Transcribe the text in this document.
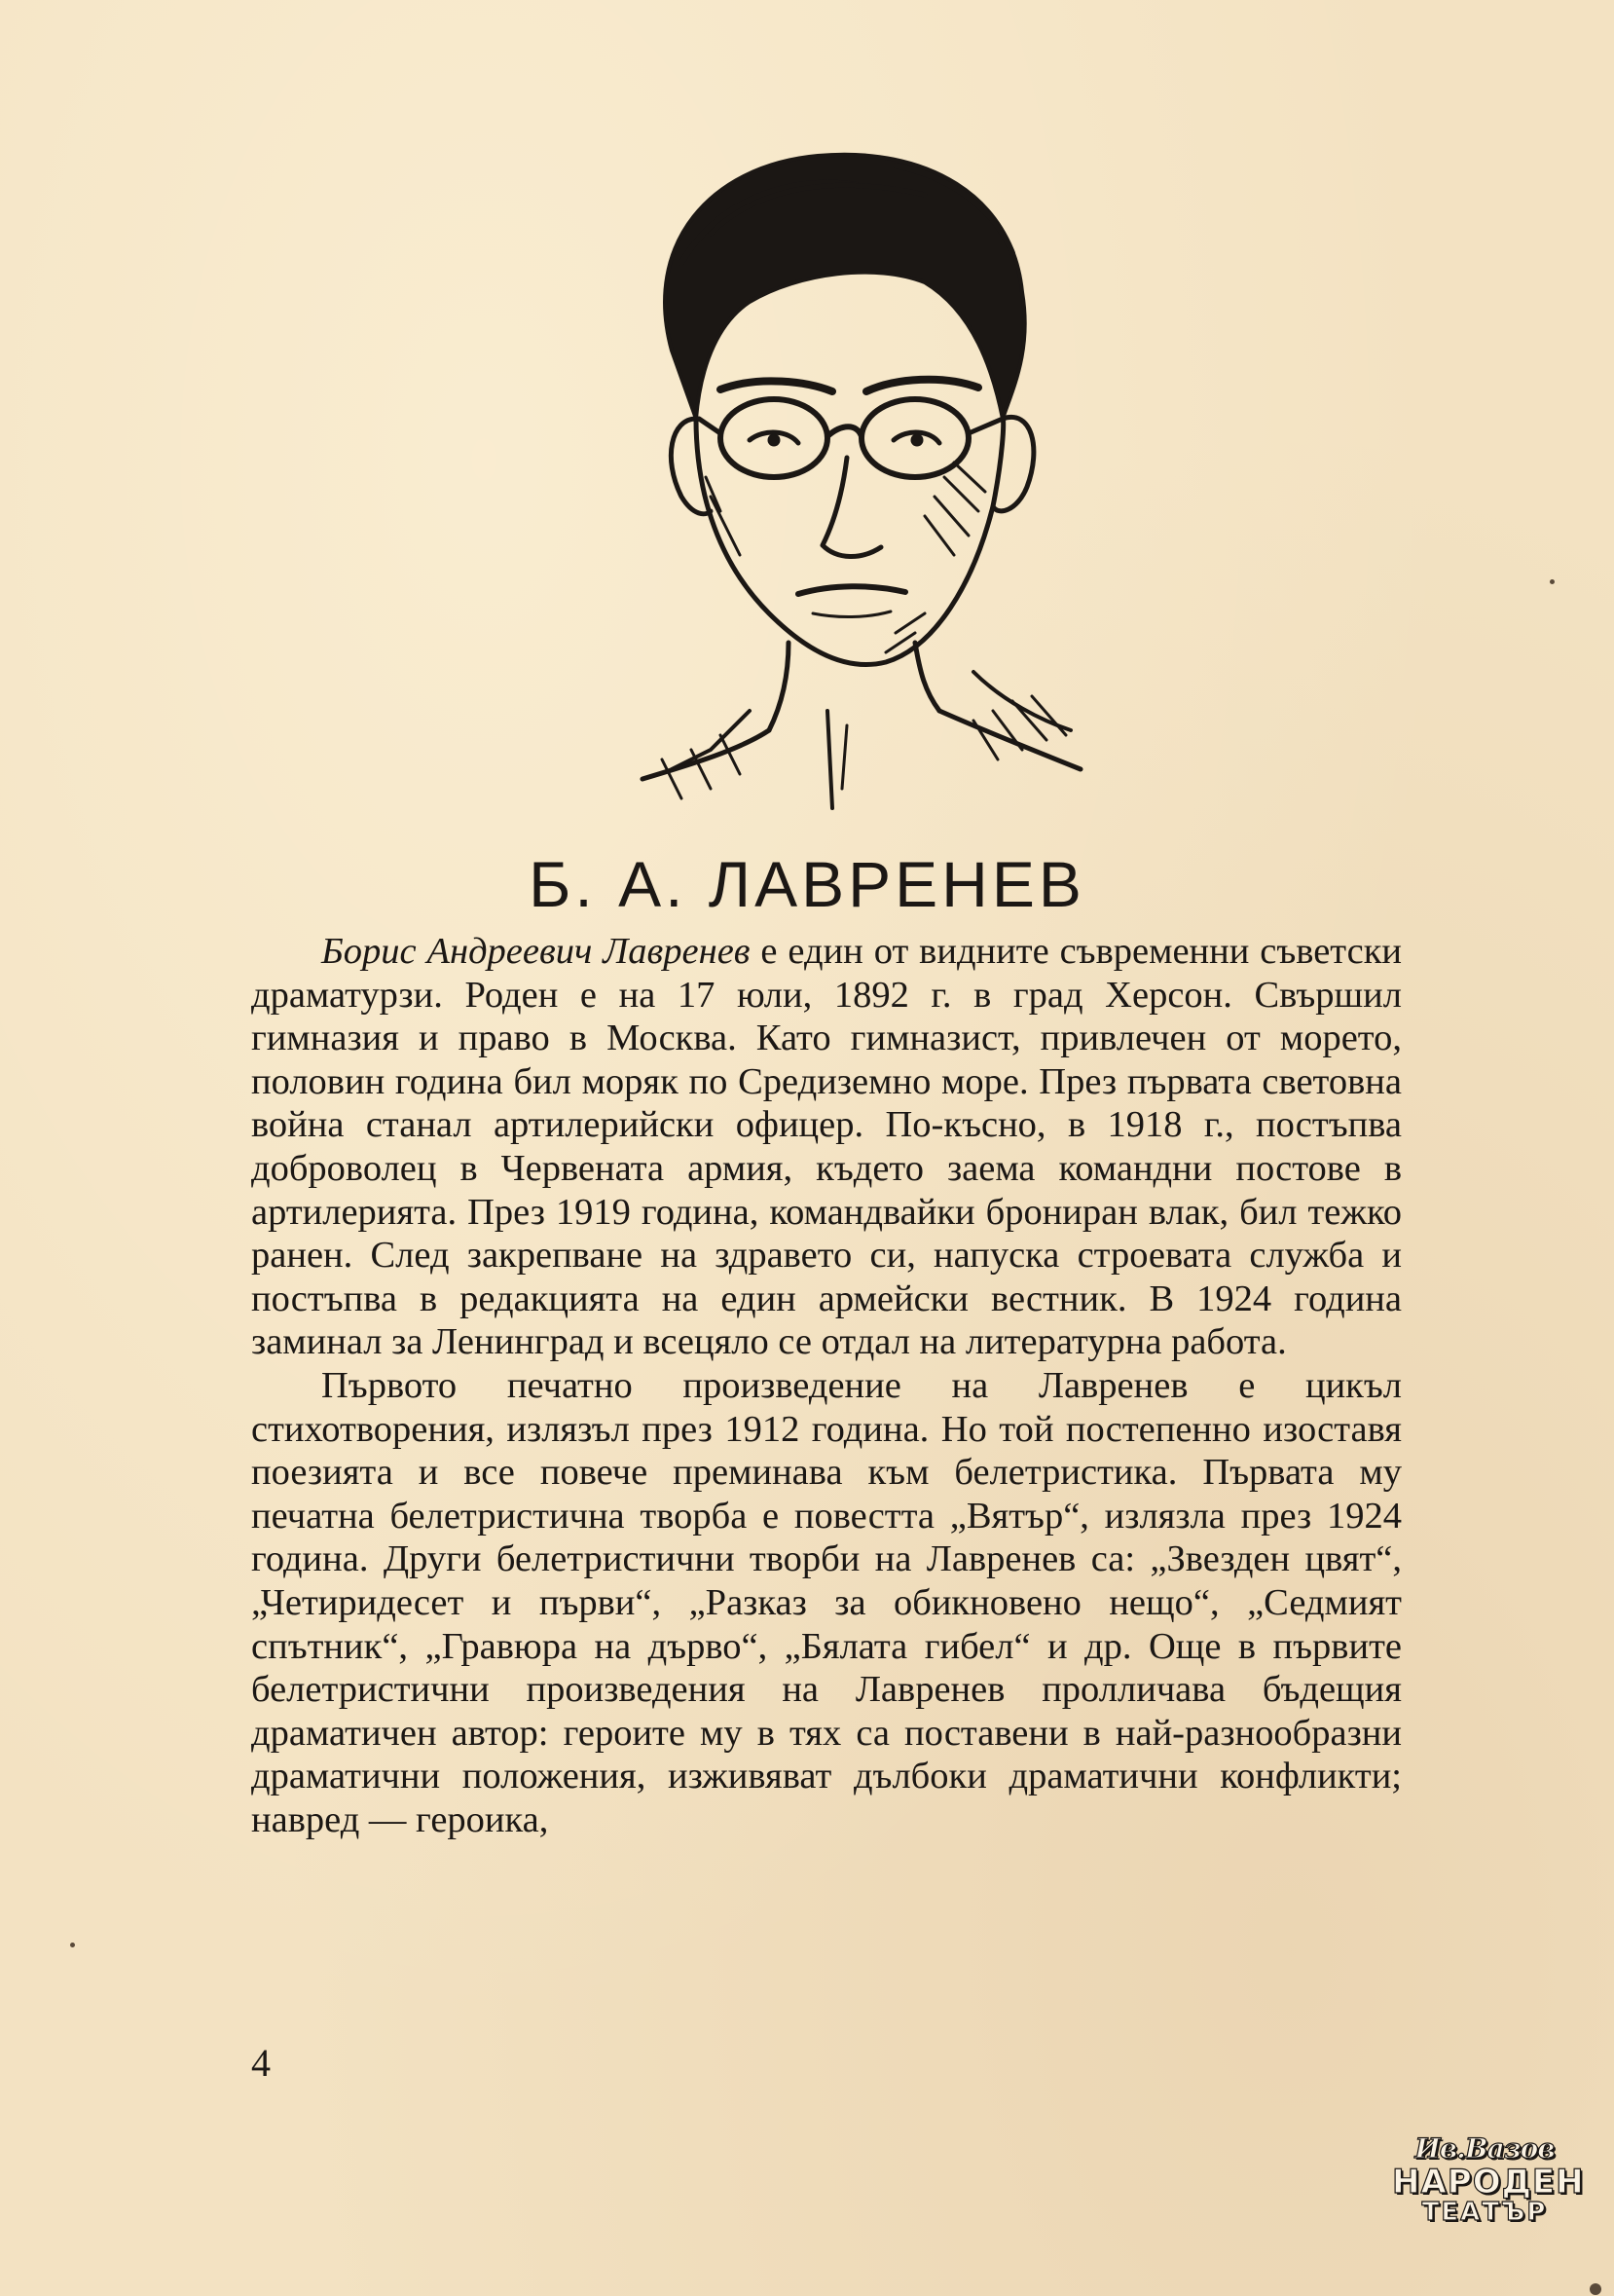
Б. А. ЛАВРЕНЕВ

Борис Андреевич Лавренев е един от видните съвременни съветски драматурзи. Роден е на 17 юли, 1892 г. в град Херсон. Свършил гимназия и право в Москва. Като гимназист, привлечен от морето, половин година бил моряк по Средиземно море. През първата световна война станал артилерийски офицер. По-късно, в 1918 г., постъпва доброволец в Червената армия, където заема командни постове в артилерията. През 1919 година, командвайки брониран влак, бил тежко ранен. След закрепване на здравето си, напуска строевата служба и постъпва в редакцията на един армейски вестник. В 1924 година заминал за Ленинград и всецяло се отдал на литературна работа.

Първото печатно произведение на Лавренев е цикъл стихотворения, излязъл през 1912 година. Но той постепенно изоставя поезията и все повече преминава към белетристика. Първата му печатна белетристична творба е повестта „Вятър“, излязла през 1924 година. Други белетристични творби на Лавренев са: „Звезден цвят“, „Четиридесет и първи“, „Разказ за обикновено нещо“, „Седмият спътник“, „Гравюра на дърво“, „Бялата гибел“ и др. Още в първите белетристични произведения на Лавренев пролличава бъдещия драматичен автор: героите му в тях са поставени в най-разнообразни драматични положения, изживяват дълбоки драматични конфликти; навред — героика,

4
Ив.Вазов
НАРОДЕН
ТЕАТЪР
